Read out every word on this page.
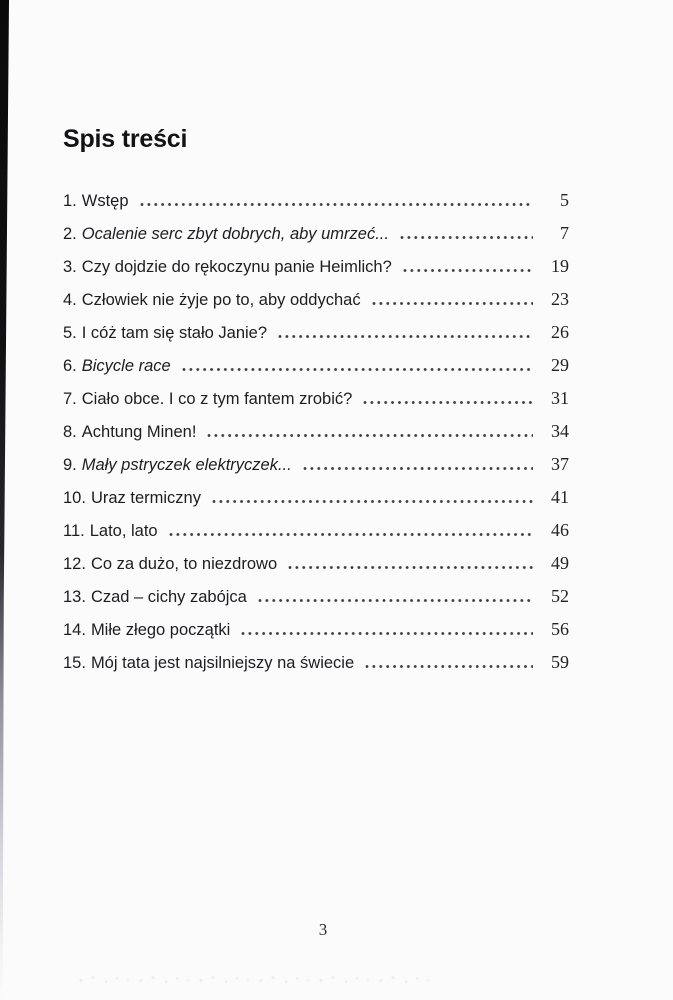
Spis treści
1. Wstęp	5
2. Ocalenie serc zbyt dobrych, aby umrzeć...	7
3. Czy dojdzie do rękoczynu panie Heimlich?	19
4. Człowiek nie żyje po to, aby oddychać	23
5. I cóż tam się stało Janie?	26
6. Bicycle race	29
7. Ciało obce. I co z tym fantem zrobić?	31
8. Achtung Minen!	34
9. Mały pstryczek elektryczek...	37
10. Uraz termiczny	41
11. Lato, lato	46
12. Co za dużo, to niezdrowo	49
13. Czad – cichy zabójca	52
14. Miłe złego początki	56
15. Mój tata jest najsilniejszy na świecie	59
3
